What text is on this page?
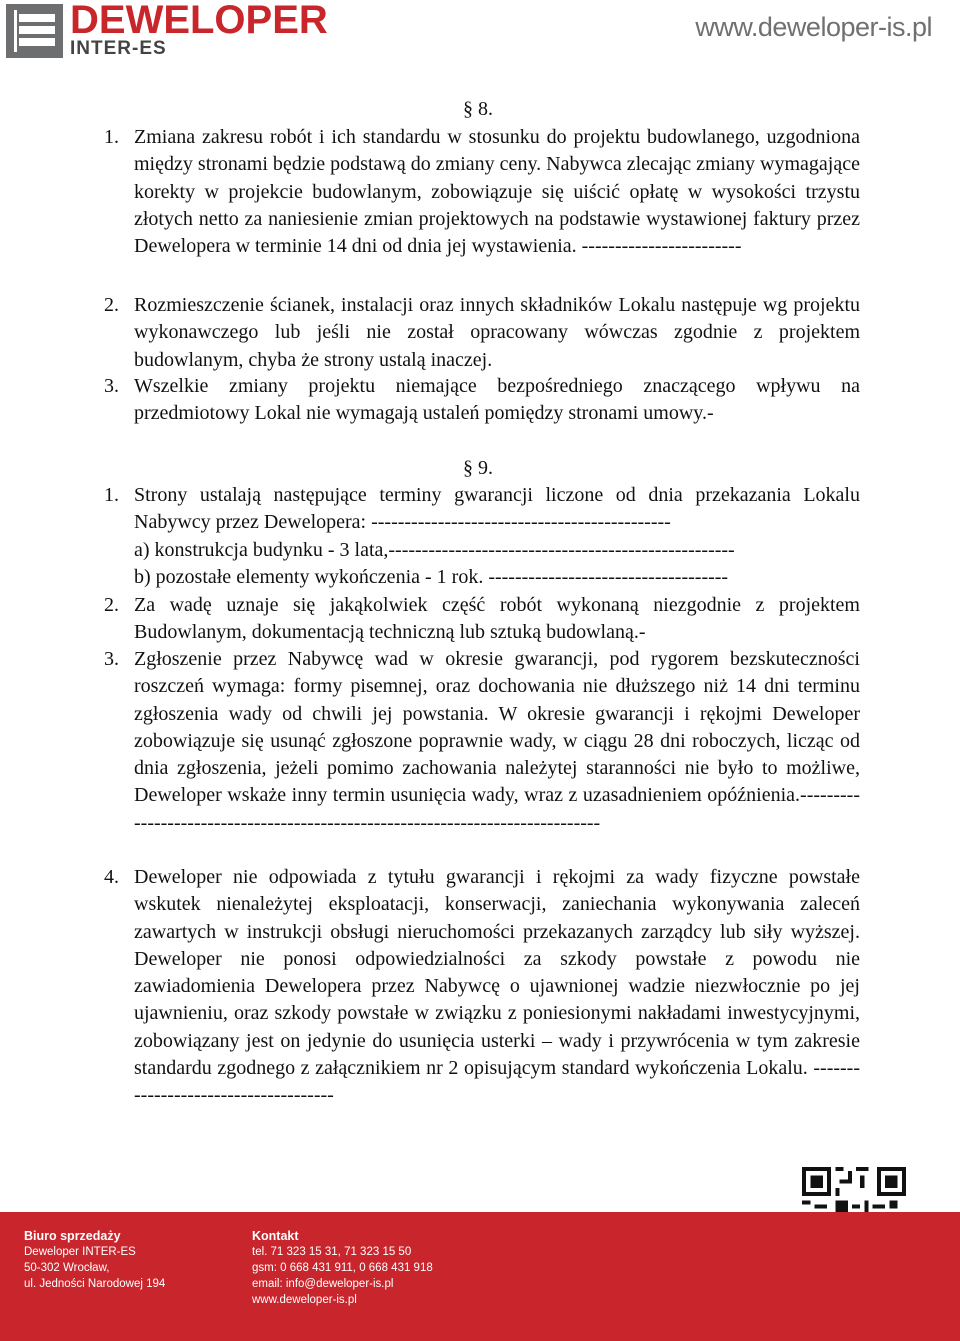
DEWELOPER
INTER-ES
www.deweloper-is.pl
§ 8.
1. Zmiana zakresu robót i ich standardu w stosunku do projektu budowlanego, uzgodniona między stronami będzie podstawą do zmiany ceny. Nabywca zlecając zmiany wymagające korekty w projekcie budowlanym, zobowiązuje się uiścić opłatę w wysokości trzystu złotych netto za naniesienie zmian projektowych na podstawie wystawionej faktury przez Dewelopera w terminie 14 dni od dnia jej wystawienia. ------------------------
2. Rozmieszczenie ścianek, instalacji oraz innych składników Lokalu następuje wg projektu wykonawczego lub jeśli nie został opracowany wówczas zgodnie z projektem budowlanym, chyba że strony ustalą inaczej.
3. Wszelkie zmiany projektu niemające bezpośredniego znaczącego wpływu na przedmiotowy Lokal nie wymagają ustaleń pomiędzy stronami umowy.-
§ 9.
1. Strony ustalają następujące terminy gwarancji liczone od dnia przekazania Lokalu Nabywcy przez Dewelopera: ---------------------------------------------
a) konstrukcja budynku - 3 lata,----------------------------------------------------
b) pozostałe elementy wykończenia - 1 rok. ------------------------------------
2. Za wadę uznaje się jakąkolwiek część robót wykonaną niezgodnie z projektem Budowlanym, dokumentacją techniczną lub sztuką budowlaną.-
3. Zgłoszenie przez Nabywcę wad w okresie gwarancji, pod rygorem bezskuteczności roszczeń wymaga: formy pisemnej, oraz dochowania nie dłuższego niż 14 dni terminu zgłoszenia wady od chwili jej powstania. W okresie gwarancji i rękojmi Deweloper zobowiązuje się usunąć zgłoszone poprawnie wady, w ciągu 28 dni roboczych, licząc od dnia zgłoszenia, jeżeli pomimo zachowania należytej staranności nie było to możliwe, Deweloper wskaże inny termin usunięcia wady, wraz z uzasadnieniem opóźnienia.-------------------------------------------------------------------------------
4. Deweloper nie odpowiada z tytułu gwarancji i rękojmi za wady fizyczne powstałe wskutek nienależytej eksploatacji, konserwacji, zaniechania wykonywania zaleceń zawartych w instrukcji obsługi nieruchomości przekazanych zarządcy lub siły wyższej. Deweloper nie ponosi odpowiedzialności za szkody powstałe z powodu nie zawiadomienia Dewelopera przez Nabywcę o ujawnionej wadzie niezwłocznie po jej ujawnieniu, oraz szkody powstałe w związku z poniesionymi nakładami inwestycyjnymi, zobowiązany jest on jedynie do usunięcia usterki – wady i przywrócenia w tym zakresie standardu zgodnego z załącznikiem nr 2 opisującym standard wykończenia Lokalu. -------------------------------------
Biuro sprzedaży
Deweloper INTER-ES
50-302 Wrocław,
ul. Jedności Narodowej 194
Kontakt
tel. 71 323 15 31, 71 323 15 50
gsm: 0 668 431 911, 0 668 431 918
email: info@deweloper-is.pl
www.deweloper-is.pl
